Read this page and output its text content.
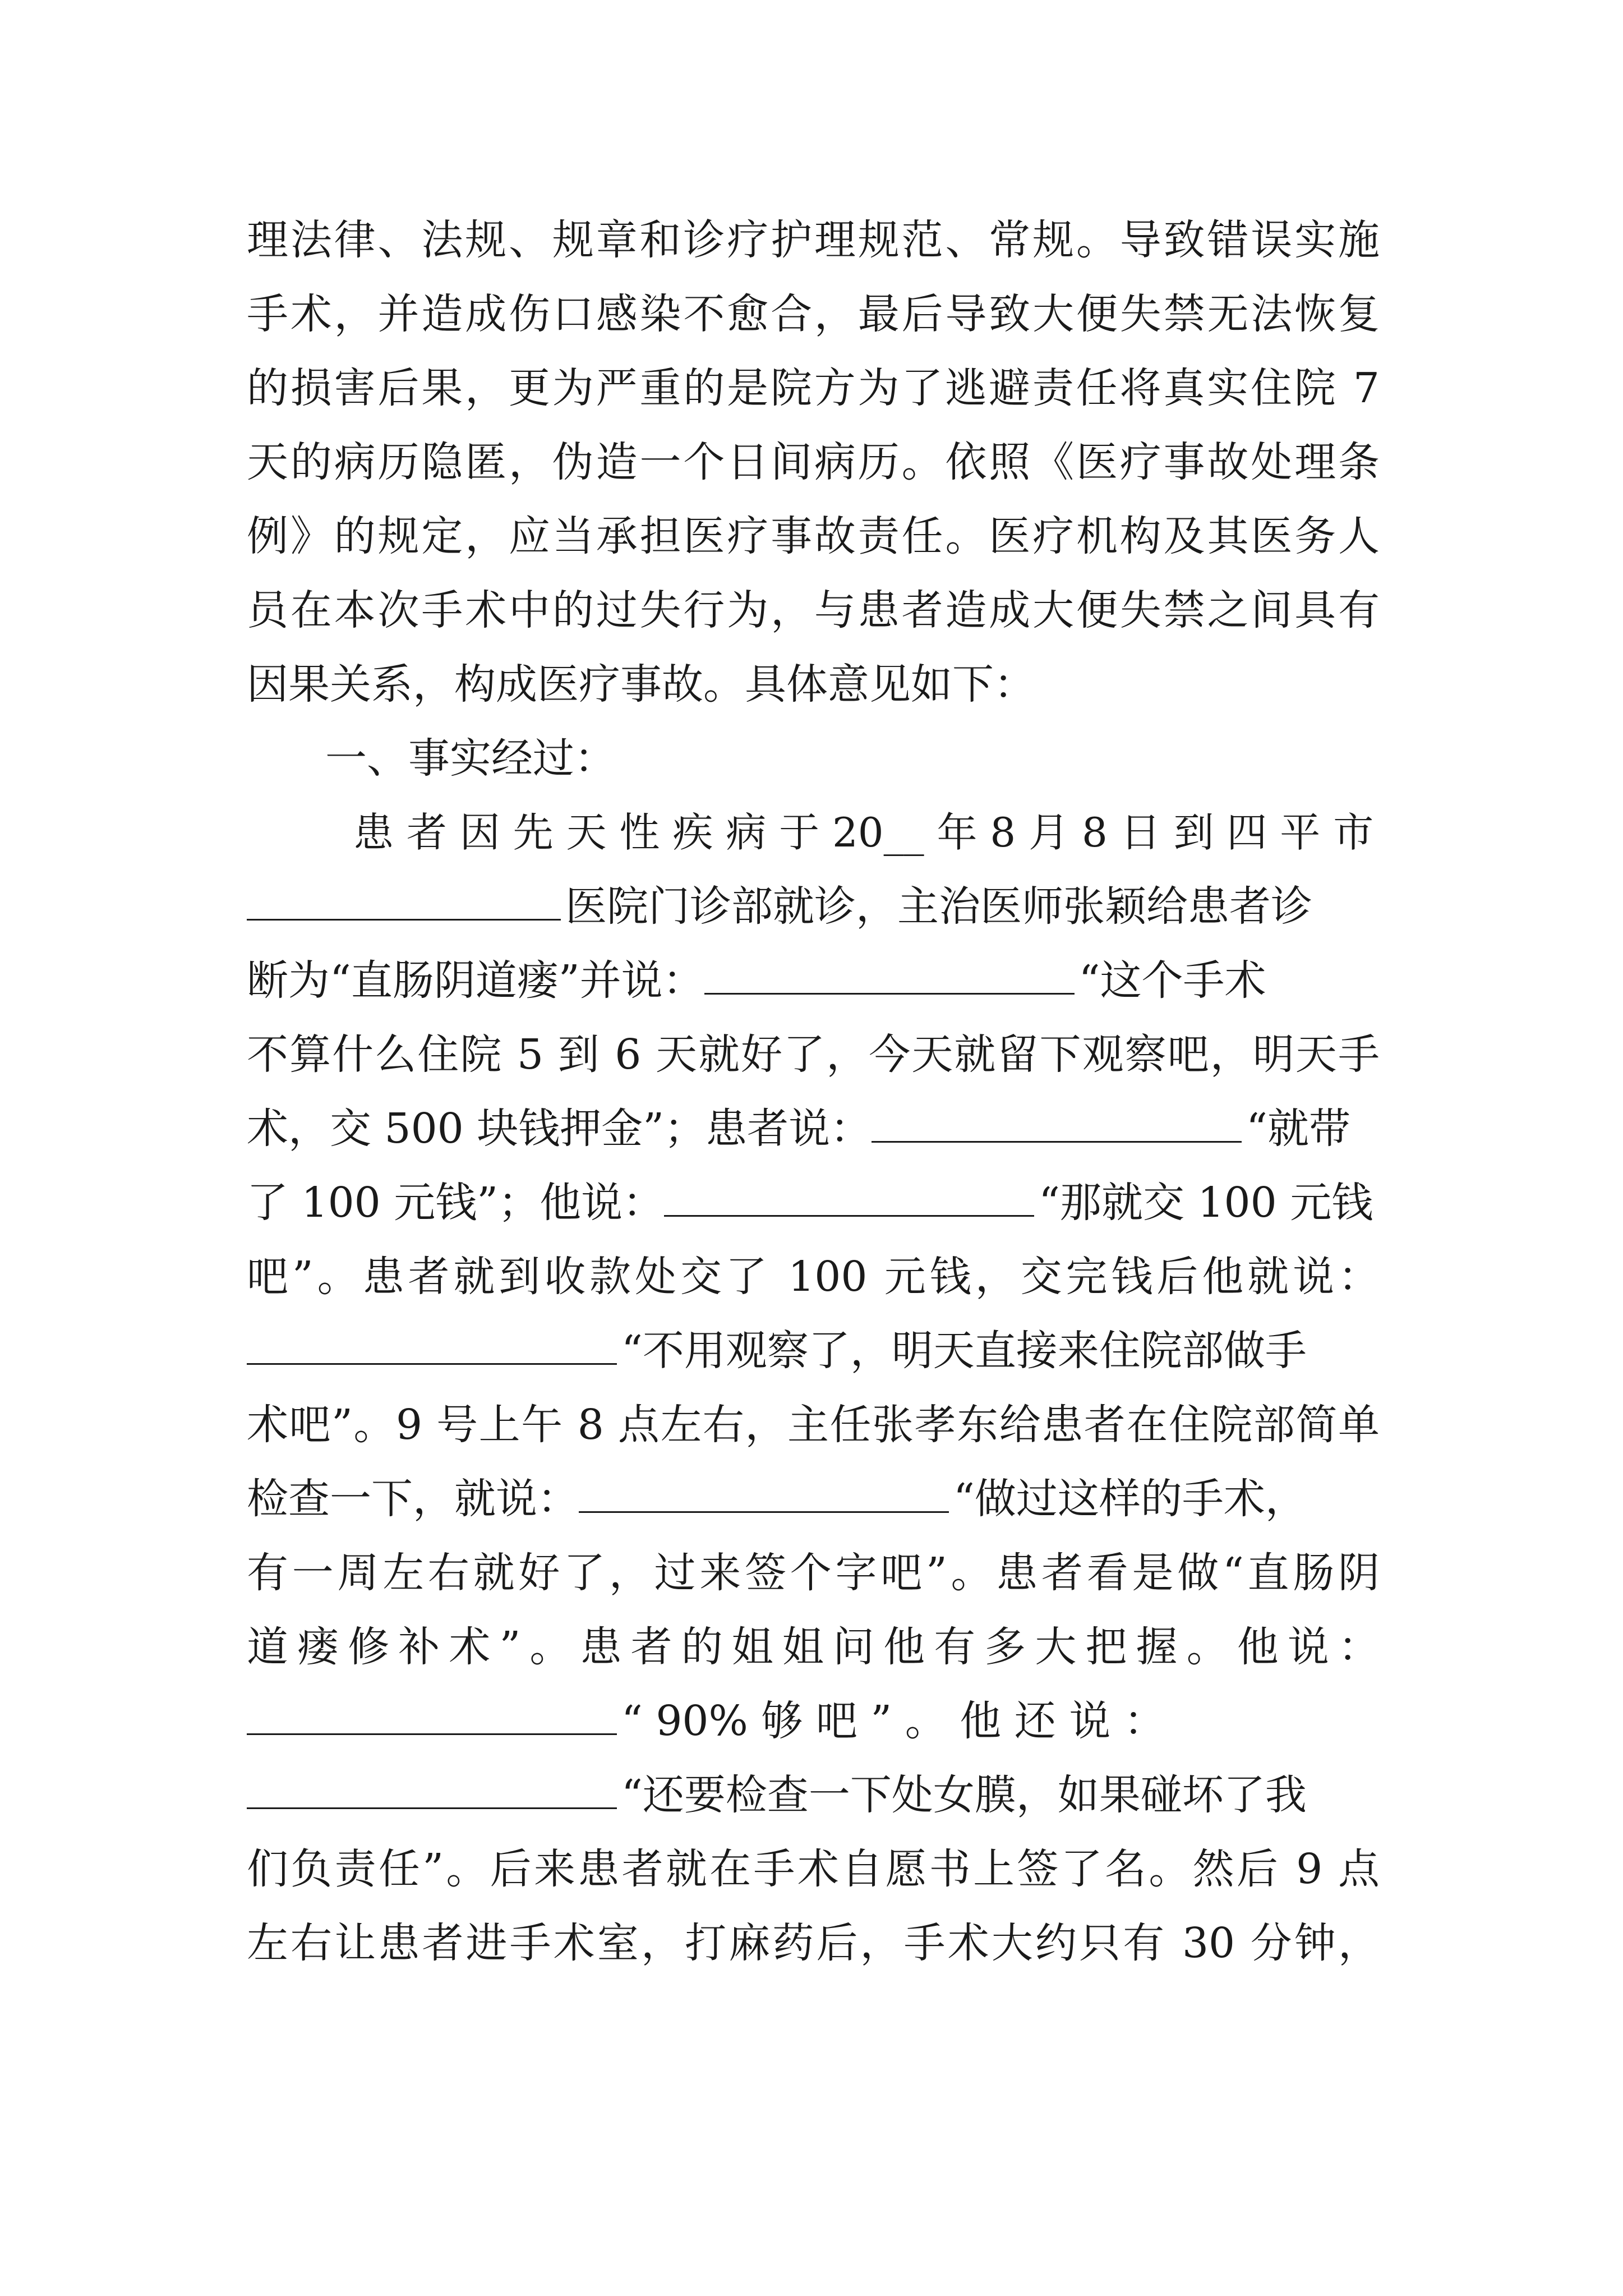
理法律、法规、规章和诊疗护理规范、常规。导致错误实施
手术，并造成伤口感染不愈合，最后导致大便失禁无法恢复
的损害后果，更为严重的是院方为了逃避责任将真实住院 7
天的病历隐匿，伪造一个日间病历。依照《医疗事故处理条
例》的规定，应当承担医疗事故责任。医疗机构及其医务人
员在本次手术中的过失行为，与患者造成大便失禁之间具有
因果关系，构成医疗事故。具体意见如下：
一、事实经过：
患 者 因 先 天 性 疾 病 于 20__ 年 8 月 8 日 到 四 平 市
医院门诊部就诊，主治医师张颖给患者诊
断为“直肠阴道瘘”并说：	“这个手术
不算什么住院 5 到 6 天就好了，今天就留下观察吧，明天手
术，交 500 块钱押金”；患者说：	“就带
了 100 元钱”；他说：	“那就交 100 元钱
吧”。患者就到收款处交了 100 元钱，交完钱后他就说：
“不用观察了，明天直接来住院部做手
术吧”。9 号上午 8 点左右，主任张孝东给患者在住院部简单
检查一下，就说：	“做过这样的手术，
有一周左右就好了，过来签个字吧”。患者看是做“直肠阴
道瘘修补术”。患者的姐姐问他有多大把握。他说：
“ 90% 够 吧 ” 。 他 还 说 ：
“还要检查一下处女膜，如果碰坏了我
们负责任”。后来患者就在手术自愿书上签了名。然后 9 点
左右让患者进手术室，打麻药后，手术大约只有 30 分钟，
